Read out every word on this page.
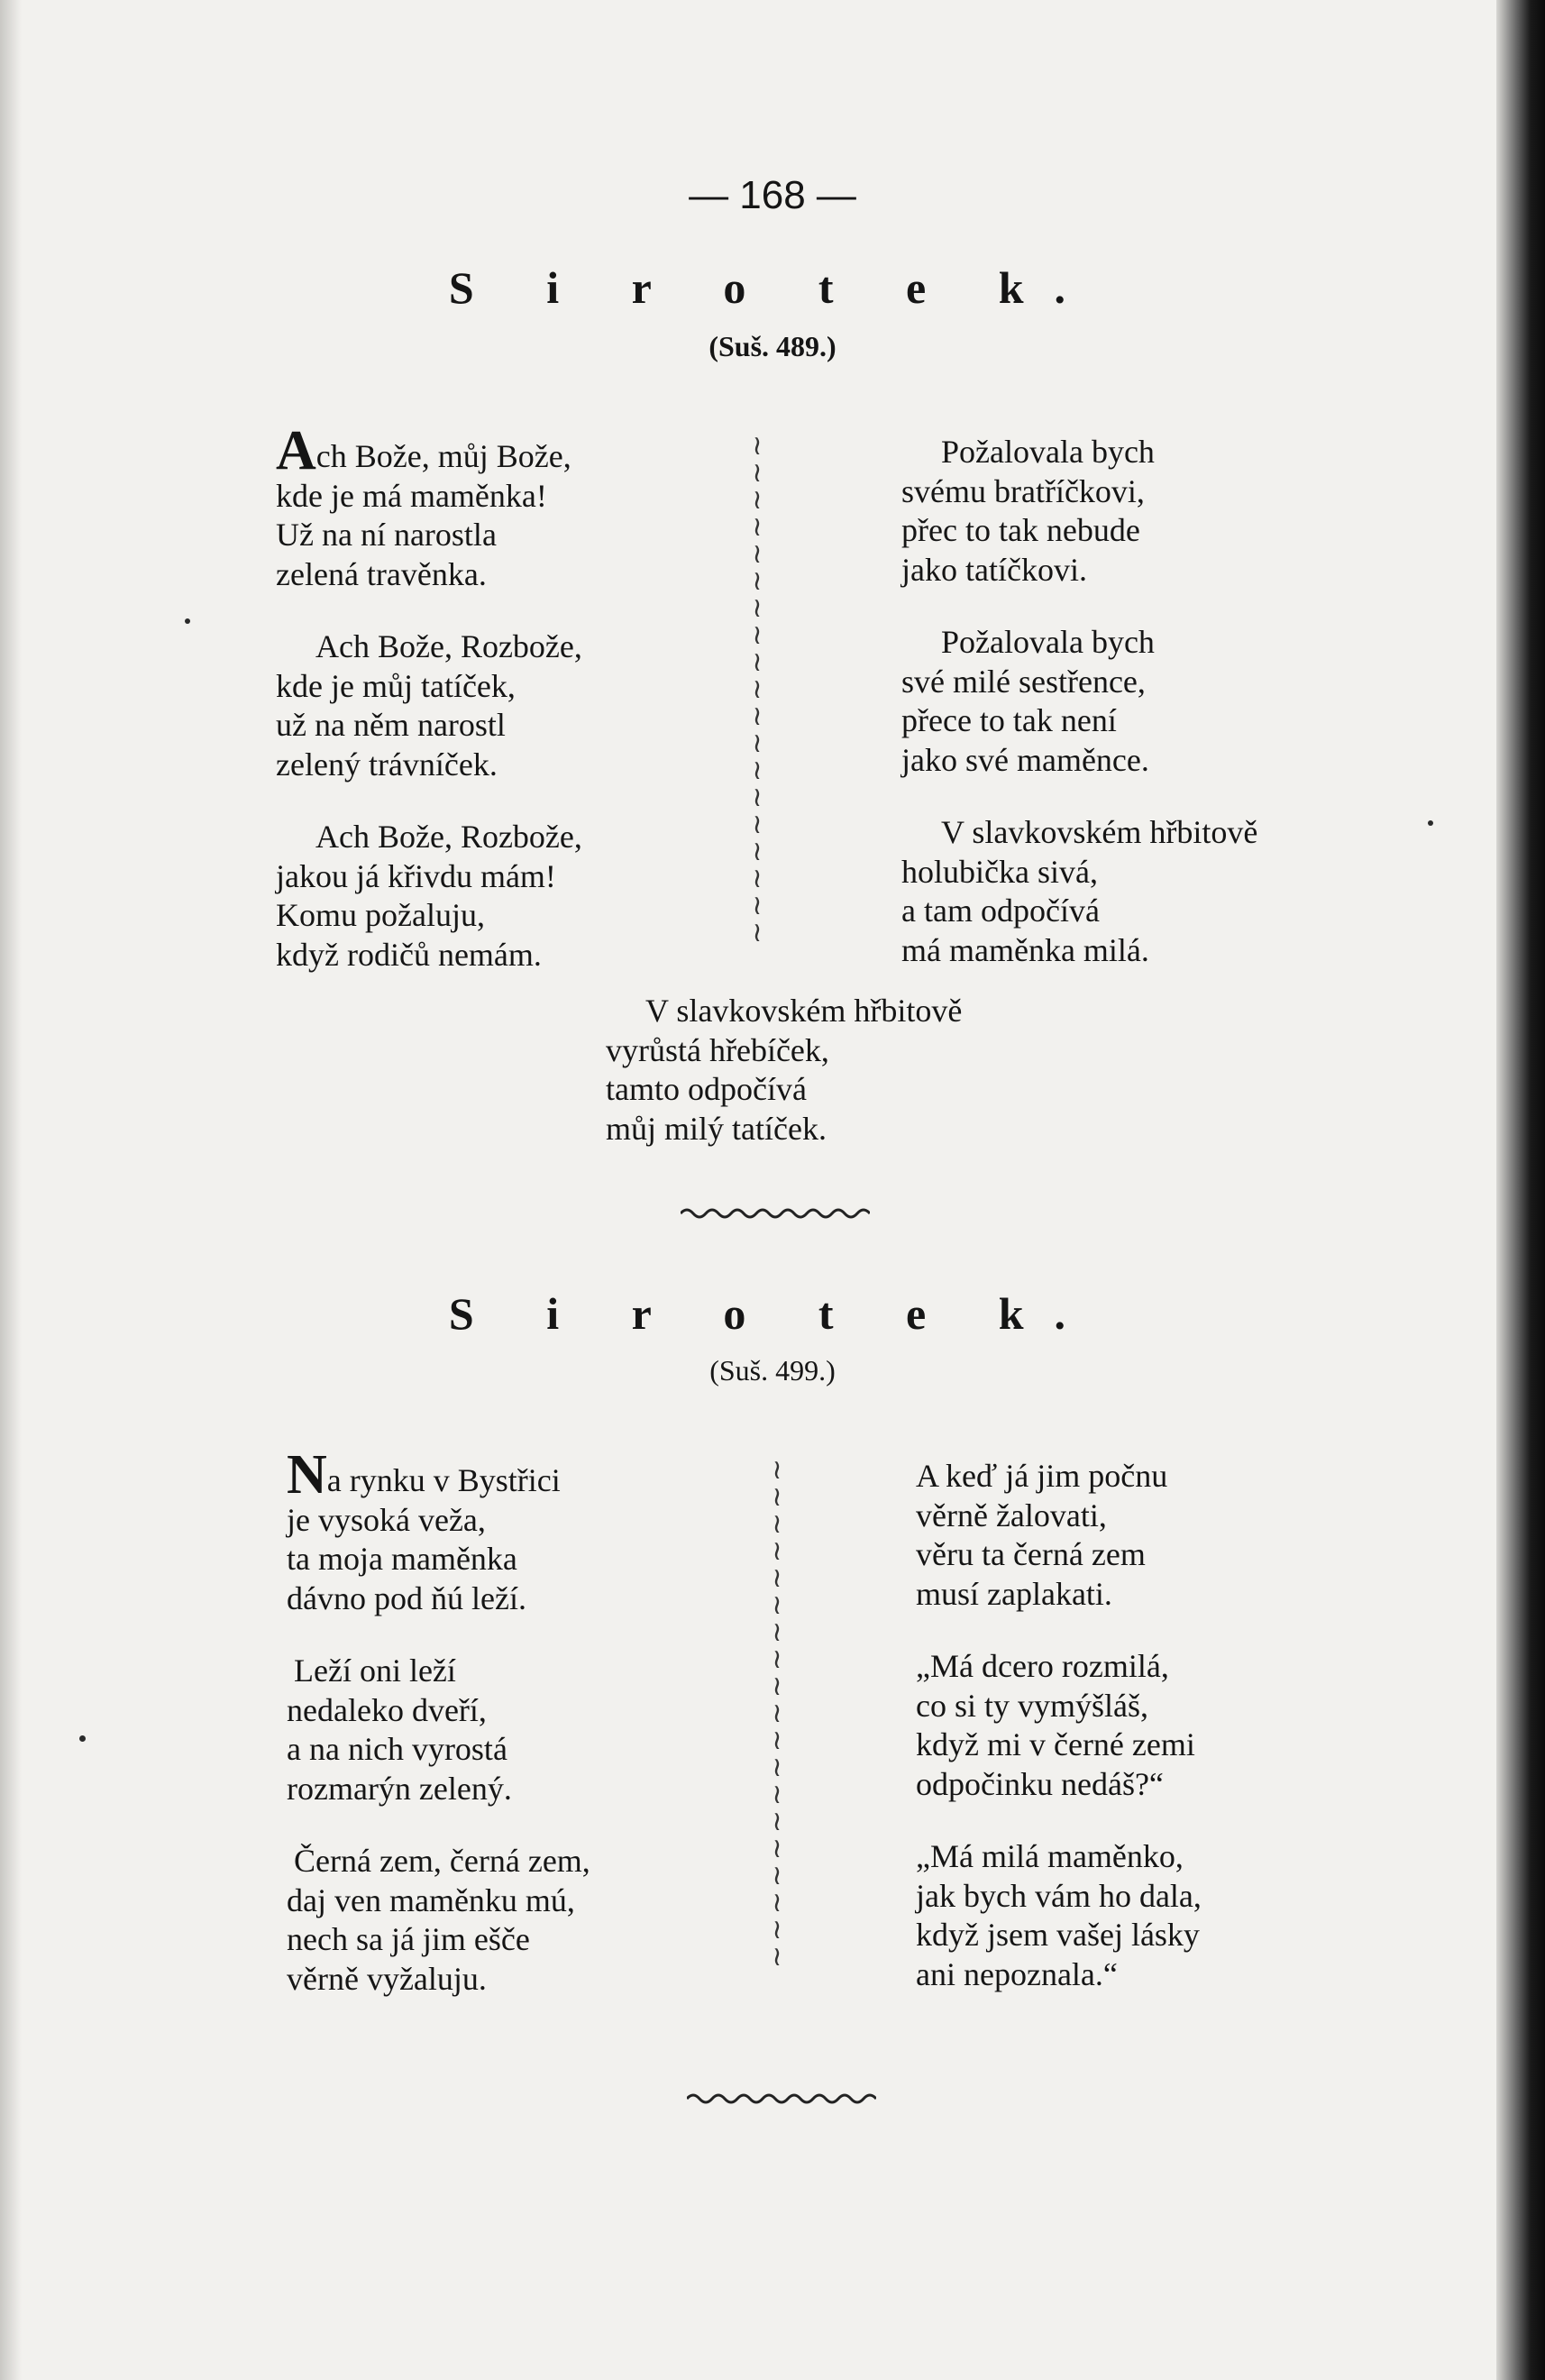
— 168 —
S i r o t e k.
(Suš. 489.)
Ach Bože, můj Bože,
kde je má maměnka!
Už na ní narostla
zelená travěnka.
Ach Bože, Rozbože,
kde je můj tatíček,
už na něm narostl
zelený trávníček.
Ach Bože, Rozbože,
jakou já křivdu mám!
Komu požaluju,
když rodičů nemám.
≀
≀
≀
≀
≀
≀
≀
≀
≀
≀
≀
≀
≀
≀
≀
≀
≀
≀
≀
Požalovala bych
svému bratříčkovi,
přec to tak nebude
jako tatíčkovi.
Požalovala bych
své milé sestřence,
přece to tak není
jako své maměnce.
V slavkovském hřbitově
holubička sivá,
a tam odpočívá
má maměnka milá.
V slavkovském hřbitově
vyrůstá hřebíček,
tamto odpočívá
můj milý tatíček.
S i r o t e k.
(Suš. 499.)
Na rynku v Bystřici
je vysoká veža,
ta moja maměnka
dávno pod ňú leží.
Leží oni leží
nedaleko dveří,
a na nich vyrostá
rozmarýn zelený.
Černá zem, černá zem,
daj ven maměnku mú,
nech sa já jim ešče
věrně vyžaluju.
≀
≀
≀
≀
≀
≀
≀
≀
≀
≀
≀
≀
≀
≀
≀
≀
≀
≀
≀
A keď já jim počnu
věrně žalovati,
věru ta černá zem
musí zaplakati.
„Má dcero rozmilá,
co si ty vymýšláš,
když mi v černé zemi
odpočinku nedáš?“
„Má milá maměnko,
jak bych vám ho dala,
když jsem vašej lásky
ani nepoznala.“
